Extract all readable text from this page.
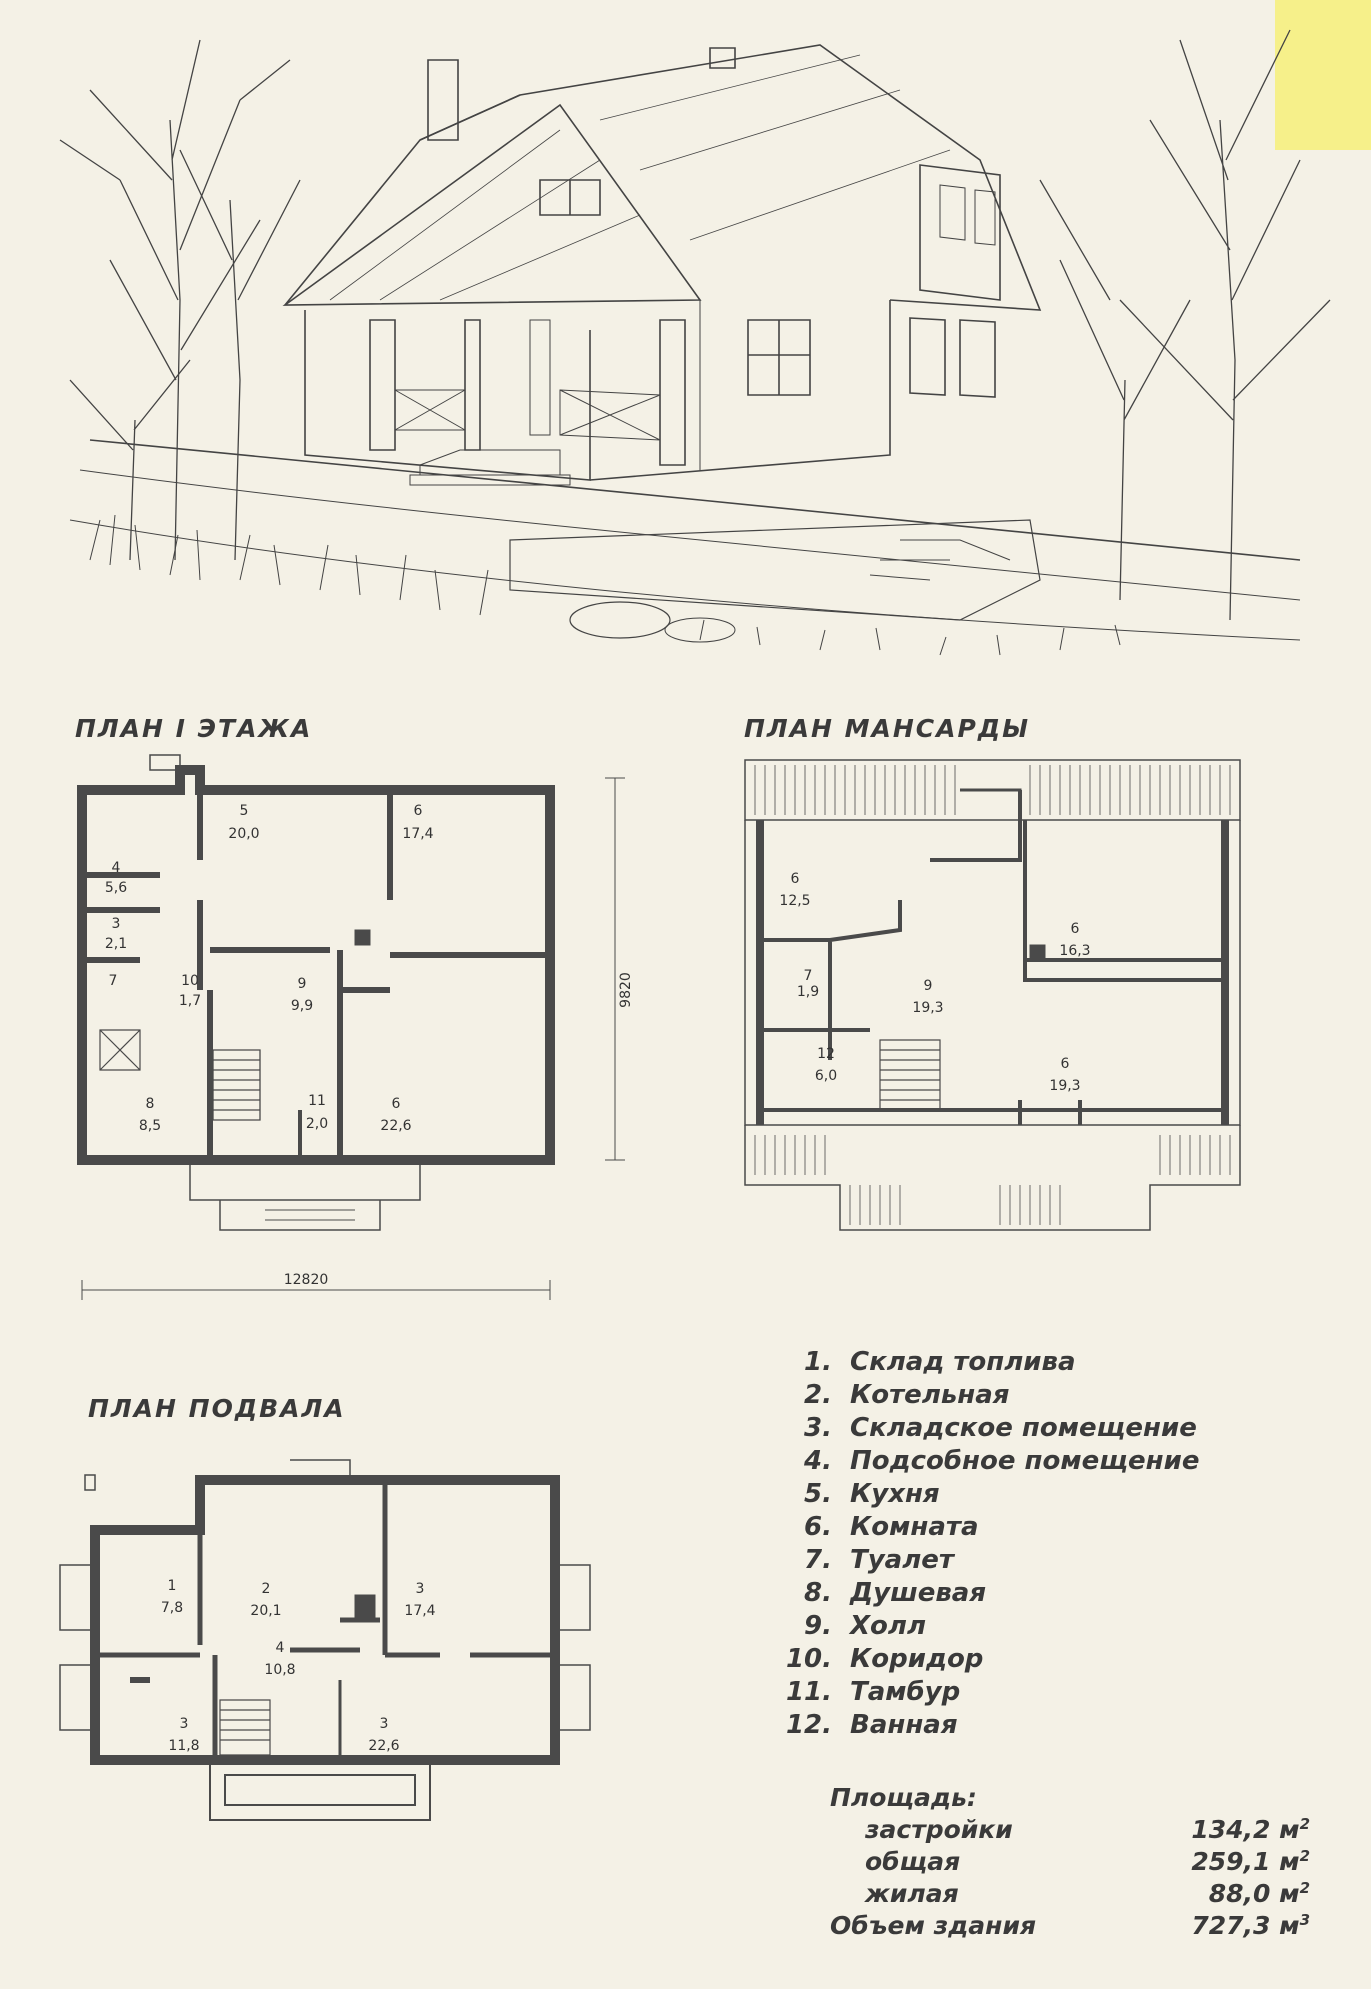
ПЛАН I ЭТАЖА	ПЛАН МАНСАРДЫ
ПЛАН ПОДВАЛА
5
20,0
6
17,4
4
5,6
3
2,1
7	10
1,7
9
9,9
8
8,5
11
2,0
6
22,6
12820
9820
6
12,5
6
16,3
7
1,9	9
19,3
12
6,0
6
19,3
1
7,8
2
20,1
3
17,4
4
10,8
3
11,8
3
22,6
1. Склад топлива
2. Котельная
3. Складское помещение
4. Подсобное помещение
5. Кухня
6. Комната
7. Туалет
8. Душевая
9. Холл
10. Коридор
11. Тамбур
12. Ванная
Площадь:
застройки	134,2 $м^2$
общая	259,1 $м^2$
жилая	88,0 $м^2$
Объем здания	727,3 $м^3$
